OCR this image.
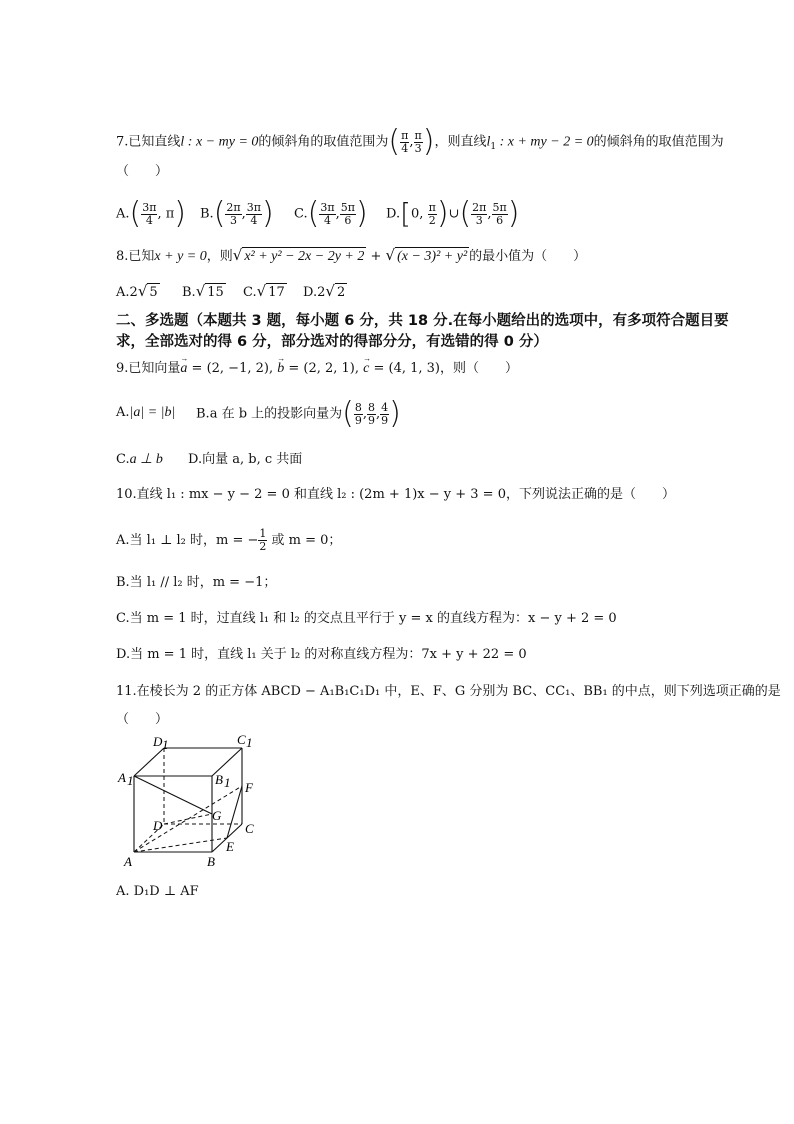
7.已知直线l : x − my = 0的倾斜角的取值范围为( $\frac{\pi}{4}$ , $\frac{\pi}{3}$ )，则直线$l_1$ : x + my − 2 = 0的倾斜角的取值范围为
（　　）
$A.( \frac{3\pi}{4}$ , π) $B.( \frac{2\pi}{3}$ , $\frac{3\pi}{4}$ ) $C.( \frac{3\pi}{4}$ , $\frac{5\pi}{6}$ ) D.[0, $\frac{\pi}{2}$ )∪( $\frac{2\pi}{3}$ , $\frac{5\pi}{6}$ )
8.已知x + y = 0，则√ x² + y² − 2x − 2y + 2 + √ (x − 3)² + y² 的最小值为（　　）
A.2√ 5 B.√ 15 C.√ 17 D.2√ 2
二、多选题（本题共 3 题，每小题 6 分，共 18 分.在每小题给出的选项中，有多项符合题目要
求，全部选对的得 6 分，部分选对的得部分分，有选错的得 0 分）
9.已知向量→ a = (2, −1, 2), → b = (2, 2, 1), → c = (4, 1, 3)，则（　　）
A.|a| = |b| B.a 在 b 上的投影向量为( $\frac{8}{9}$ , $\frac{8}{9}$ , $\frac{4}{9}$ )
C.a ⊥ b D.向量 a, b, c 共面
10.直线 l₁ : mx − y − 2 = 0 和直线 l₂ : (2m + 1)x − y + 3 = 0，下列说法正确的是（　　）
A.当 l₁ ⊥ l₂ 时，m = − $\frac{1}{2}$ 或 m = 0；
B.当 l₁ // l₂ 时，m = −1；
C.当 m = 1 时，过直线 l₁ 和 l₂ 的交点且平行于 y = x 的直线方程为：x − y + 2 = 0
D.当 m = 1 时，直线 l₁ 关于 l₂ 的对称直线方程为：7x + y + 22 = 0
11.在棱长为 2 的正方体 ABCD − A₁B₁C₁D₁ 中，E、F、G 分别为 BC、CC₁、BB₁ 的中点，则下列选项正确的是
（　　）
A	B
C
D
A 1	B 1
C 1
D 1
E
F
G
A. D₁D ⊥ AF
